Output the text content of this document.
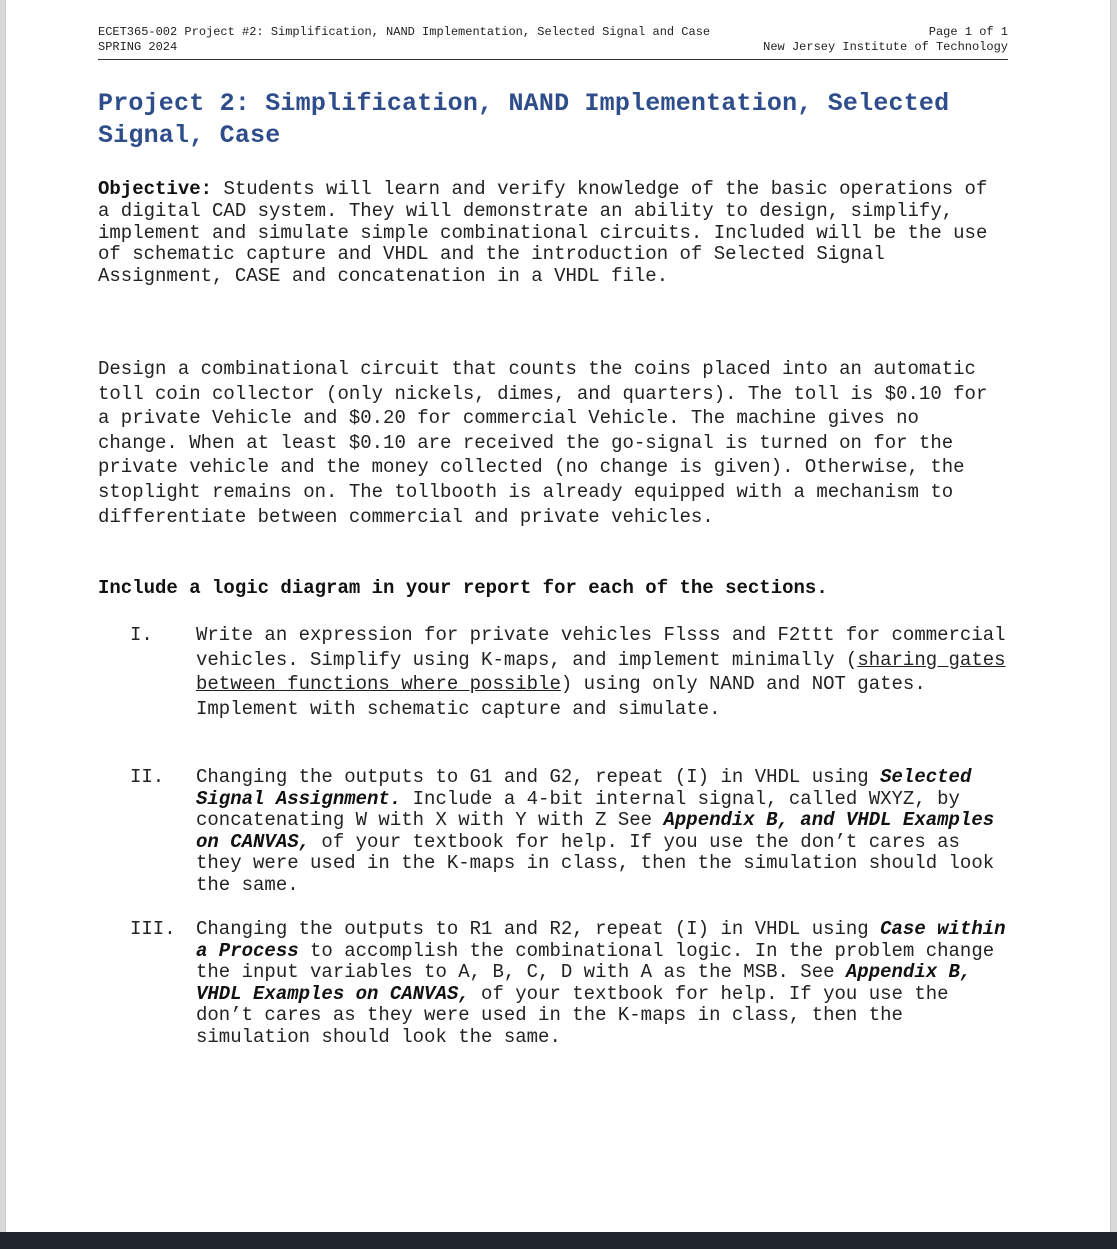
ECET365-002 Project #2: Simplification, NAND Implementation, Selected Signal and Case	Page 1 of 1
SPRING 2024	New Jersey Institute of Technology
Project 2: Simplification, NAND Implementation, Selected Signal, Case
Objective: Students will learn and verify knowledge of the basic operations of a digital CAD system. They will demonstrate an ability to design, simplify, implement and simulate simple combinational circuits. Included will be the use of schematic capture and VHDL and the introduction of Selected Signal Assignment, CASE and concatenation in a VHDL file.
Design a combinational circuit that counts the coins placed into an automatic toll coin collector (only nickels, dimes, and quarters). The toll is $0.10 for a private Vehicle and $0.20 for commercial Vehicle. The machine gives no change. When at least $0.10 are received the go-signal is turned on for the private vehicle and the money collected (no change is given). Otherwise, the stoplight remains on. The tollbooth is already equipped with a mechanism to differentiate between commercial and private vehicles.
Include a logic diagram in your report for each of the sections.
I.	Write an expression for private vehicles Flsss and F2ttt for commercial vehicles. Simplify using K-maps, and implement minimally (sharing gates between functions where possible) using only NAND and NOT gates. Implement with schematic capture and simulate.
II.	Changing the outputs to G1 and G2, repeat (I) in VHDL using Selected Signal Assignment. Include a 4-bit internal signal, called WXYZ, by concatenating W with X with Y with Z See Appendix B, and VHDL Examples on CANVAS, of your textbook for help. If you use the don’t cares as they were used in the K-maps in class, then the simulation should look the same.
III.	Changing the outputs to R1 and R2, repeat (I) in VHDL using Case within a Process to accomplish the combinational logic. In the problem change the input variables to A, B, C, D with A as the MSB. See Appendix B, VHDL Examples on CANVAS, of your textbook for help. If you use the don’t cares as they were used in the K-maps in class, then the simulation should look the same.
